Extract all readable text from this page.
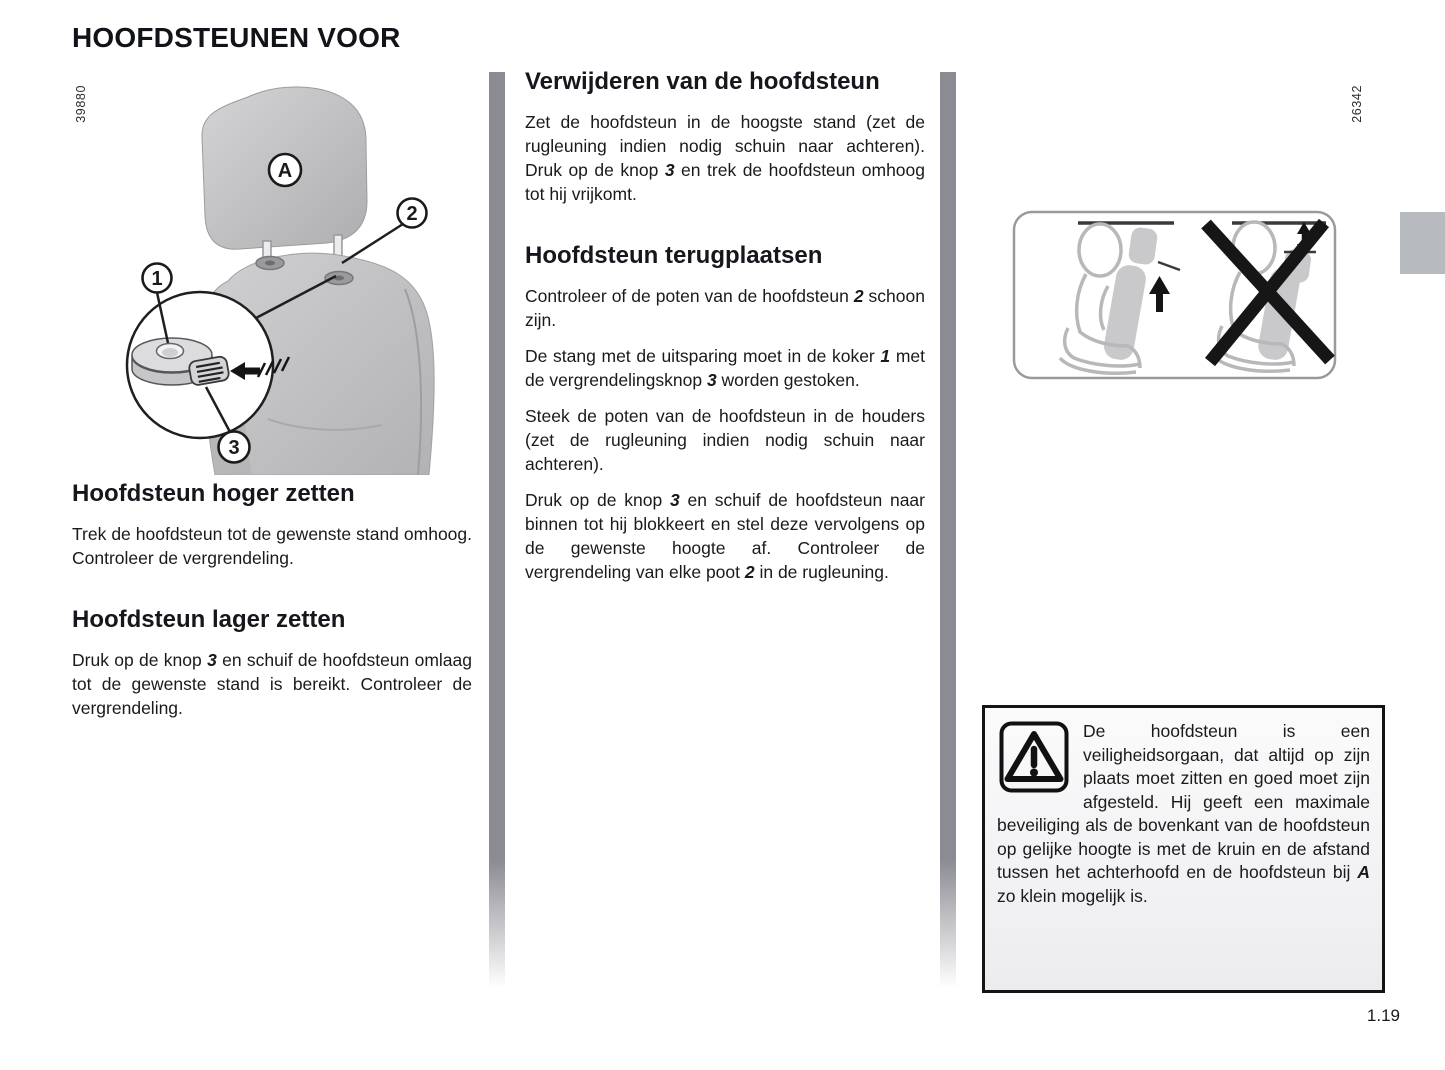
HOOFDSTEUNEN VOOR
39880	26342
A
2
1
3
Hoofdsteun hoger zetten

Trek de hoofdsteun tot de gewenste stand omhoog. Controleer de vergrendeling.

Hoofdsteun lager zetten

Druk op de knop 3 en schuif de hoofdsteun omlaag tot de gewenste stand is bereikt. Controleer de vergrendeling.

Verwijderen van de hoofdsteun

Zet de hoofdsteun in de hoogste stand (zet de rugleuning indien nodig schuin naar achteren). Druk op de knop 3 en trek de hoofdsteun omhoog tot hij vrijkomt.

Hoofdsteun terugplaatsen

Controleer of de poten van de hoofdsteun 2 schoon zijn.

De stang met de uitsparing moet in de koker 1 met de vergrendelingsknop 3 worden gestoken.

Steek de poten van de hoofdsteun in de houders (zet de rugleuning indien nodig schuin naar achteren).

Druk op de knop 3 en schuif de hoofdsteun naar binnen tot hij blokkeert en stel deze vervolgens op de gewenste hoogte af. Controleer de vergrendeling van elke poot 2 in de rugleuning.

De hoofdsteun is een veiligheidsorgaan, dat altijd op zijn plaats moet zitten en goed moet zijn afgesteld. Hij geeft een maximale beveiliging als de bovenkant van de hoofdsteun op gelijke hoogte is met de kruin en de afstand tussen het achterhoofd en de hoofdsteun bij A zo klein mogelijk is.

1.19
